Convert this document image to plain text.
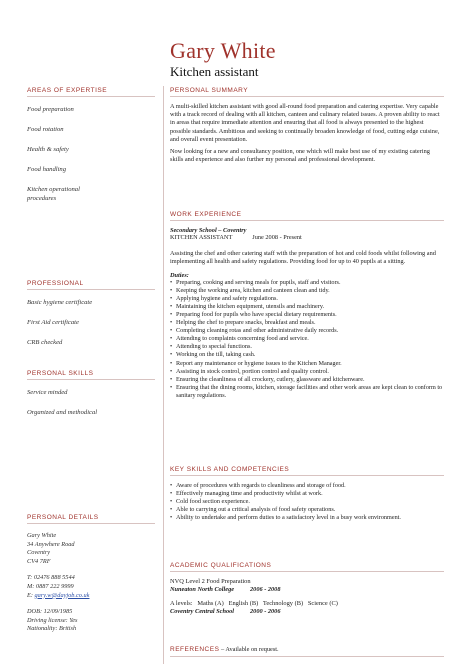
Gary White
Kitchen assistant
AREAS OF EXPERTISE
Food preparation
Food rotation
Health & safety
Food handling
Kitchen operational procedures
PROFESSIONAL
Basic hygiene certificate
First Aid certificate
CRB checked
PERSONAL SKILLS
Service minded
Organized and methodical
PERSONAL DETAILS
Gary White
34 Anywhere Road
Coventry
CV4 7RF
T: 02476 888 5544
M: 0887 222 9999
E: gary.w@dayjob.co.uk
DOB: 12/09/1985
Driving license: Yes
Nationality: British
PERSONAL SUMMARY

A multi-skilled kitchen assistant with good all-round food preparation and catering expertise. Very capable with a track record of dealing with all kitchen, canteen and culinary related issues. A proven ability to react in areas that require immediate attention and ensuring that all food is always presented to the highest possible standards. Ambitious and seeking to continually broaden knowledge of food, cutting edge cuisine, and overall event presentation.

Now looking for a new and consultancy position, one which will make best use of my existing catering skills and experience and also further my personal and professional development.

WORK EXPERIENCE
Secondary School – Coventry
KITCHEN ASSISTANT	June 2008 - Present

Assisting the chef and other catering staff with the preparation of hot and cold foods whilst following and implementing all health and safety regulations. Providing food for up to 40 pupils at a sitting.

Duties:
• Preparing, cooking and serving meals for pupils, staff and visitors.
• Keeping the working area, kitchen and canteen clean and tidy.
• Applying hygiene and safety regulations.
• Maintaining the kitchen equipment, utensils and machinery.
• Preparing food for pupils who have special dietary requirements.
• Helping the chef to prepare snacks, breakfast and meals.
• Completing cleaning rotas and other administrative daily records.
• Attending to complaints concerning food and service.
• Attending to special functions.
• Working on the till, taking cash.
• Report any maintenance or hygiene issues to the Kitchen Manager.
• Assisting in stock control, portion control and quality control.
• Ensuring the cleanliness of all crockery, cutlery, glassware and kitchenware.
• Ensuring that the dining rooms, kitchen, storage facilities and other work areas are kept clean to conform to sanitary regulations.
KEY SKILLS AND COMPETENCIES
• Aware of procedures with regards to cleanliness and storage of food.
• Effectively managing time and productivity whilst at work.
• Cold food section experience.
• Able to carrying out a critical analysis of food safety operations.
• Ability to undertake and perform duties to a satisfactory level in a busy work environment.
ACADEMIC QUALIFICATIONS
NVQ Level 2 Food Preparation
Nuneaton North College	2006 - 2008
A levels:   Maths (A)   English (B)   Technology (B)   Science (C)
Coventry Central School	2000 - 2006
REFERENCES – Available on request.
